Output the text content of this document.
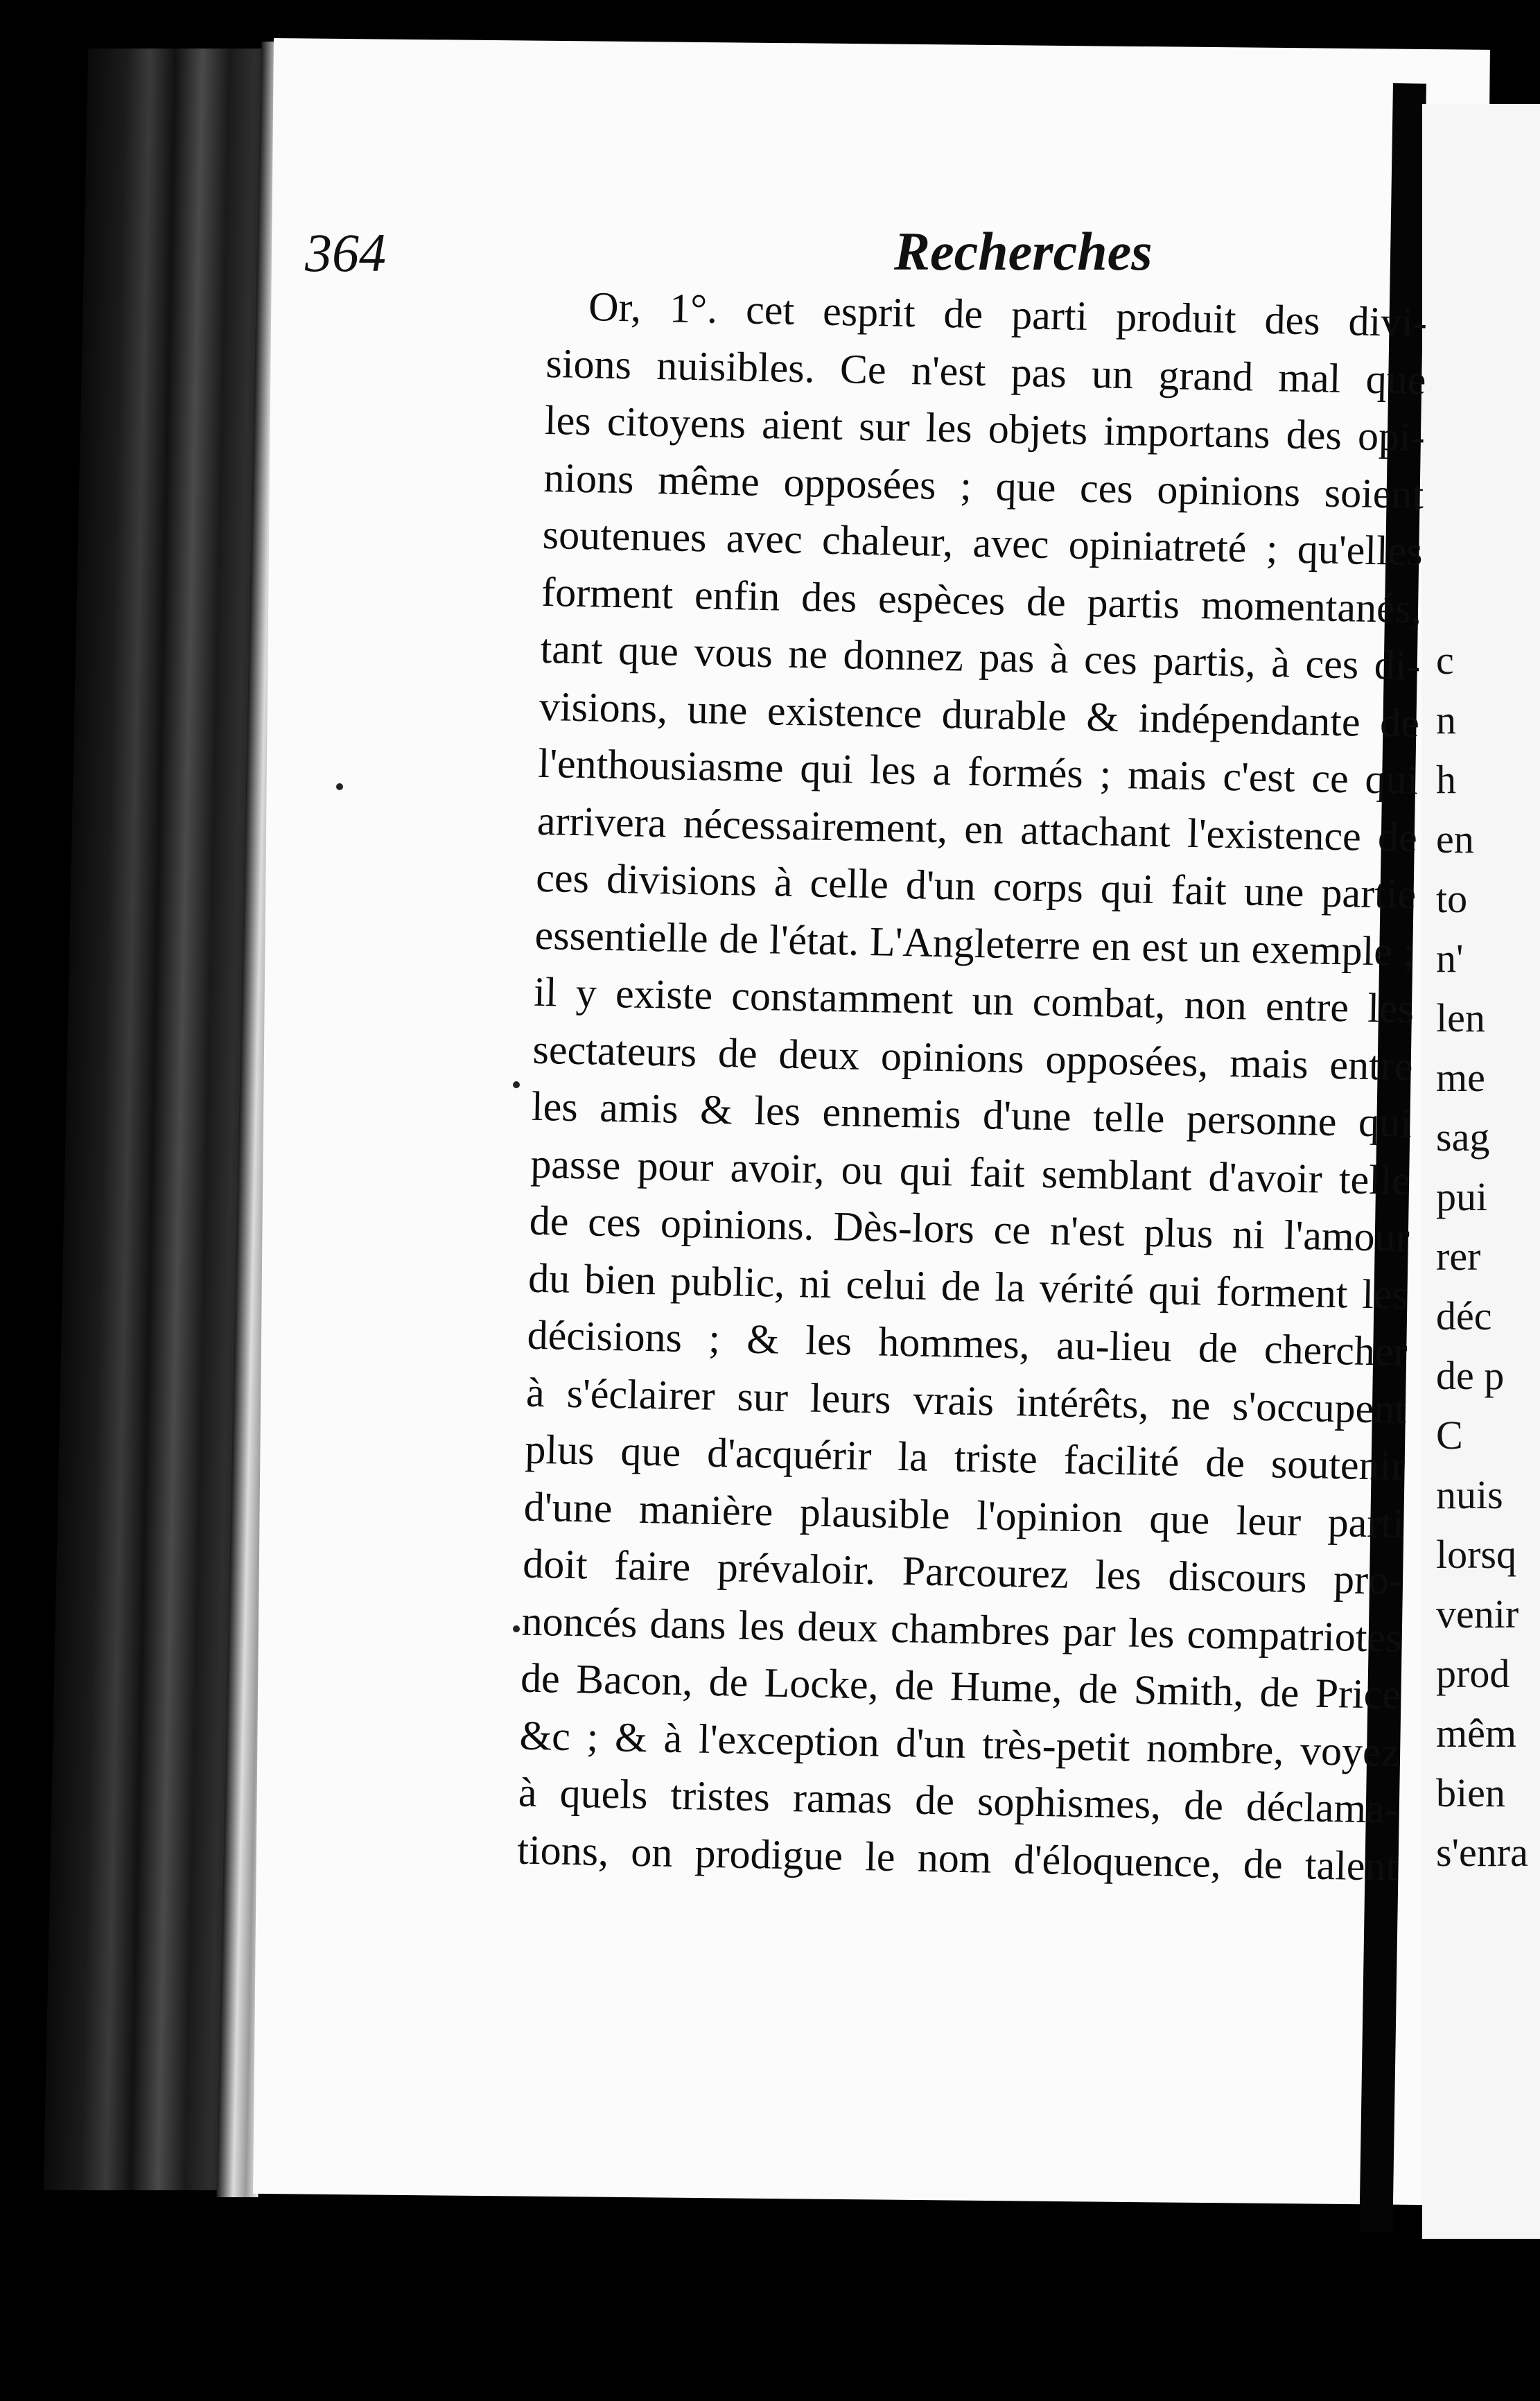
c
n
h
en
to
n'
len
me
sag
pui
rer
déc
de p
C
nuis
lorsq
venir
prod
mêm
bien
s'enra
364	Recherches
Or, 1°. cet esprit de parti produit des divi-
sions nuisibles. Ce n'est pas un grand mal que
les citoyens aient sur les objets importans des opi-
nions même opposées ; que ces opinions soient
soutenues avec chaleur, avec opiniatreté ; qu'elles
forment enfin des espèces de partis momentanés,
tant que vous ne donnez pas à ces partis, à ces di-
visions, une existence durable & indépendante de
l'enthousiasme qui les a formés ; mais c'est ce qui
arrivera nécessairement, en attachant l'existence de
ces divisions à celle d'un corps qui fait une partie
essentielle de l'état. L'Angleterre en est un exemple ;
il y existe constamment un combat, non entre les
sectateurs de deux opinions opposées, mais entre
les amis & les ennemis d'une telle personne qui
passe pour avoir, ou qui fait semblant d'avoir telle
de ces opinions. Dès-lors ce n'est plus ni l'amour
du bien public, ni celui de la vérité qui forment les
décisions ; & les hommes, au-lieu de chercher
à s'éclairer sur leurs vrais intérêts, ne s'occupent
plus que d'acquérir la triste facilité de soutenir
d'une manière plausible l'opinion que leur parti
doit faire prévaloir. Parcourez les discours pro-
noncés dans les deux chambres par les compatriotes
de Bacon, de Locke, de Hume, de Smith, de Price
&c ; & à l'exception d'un très-petit nombre, voyez
à quels tristes ramas de sophismes, de déclama-
tions, on prodigue le nom d'éloquence, de talent
